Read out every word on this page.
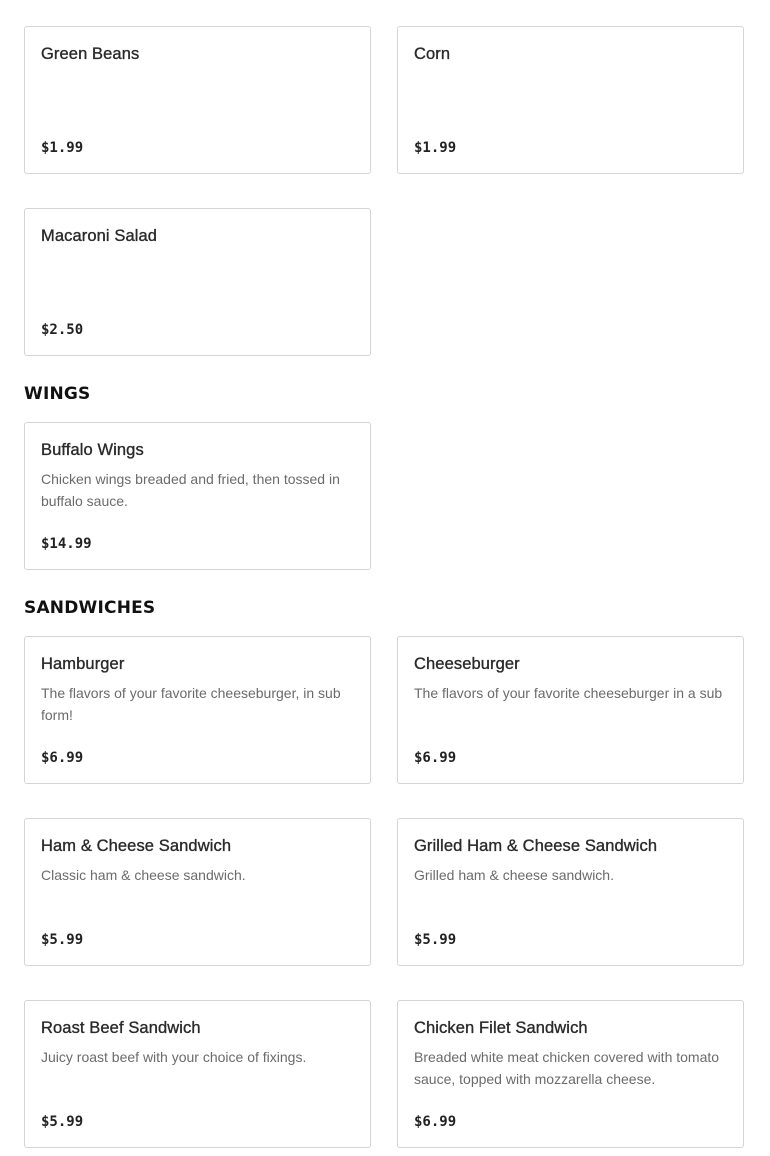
Green Beans
$1.99
Corn
$1.99
Macaroni Salad
$2.50
WINGS
Buffalo Wings
Chicken wings breaded and fried, then tossed in buffalo sauce.
$14.99
SANDWICHES
Hamburger
The flavors of your favorite cheeseburger, in sub form!
$6.99
Cheeseburger
The flavors of your favorite cheeseburger in a sub
$6.99
Ham & Cheese Sandwich
Classic ham & cheese sandwich.
$5.99
Grilled Ham & Cheese Sandwich
Grilled ham & cheese sandwich.
$5.99
Roast Beef Sandwich
Juicy roast beef with your choice of fixings.
$5.99
Chicken Filet Sandwich
Breaded white meat chicken covered with tomato sauce, topped with mozzarella cheese.
$6.99
